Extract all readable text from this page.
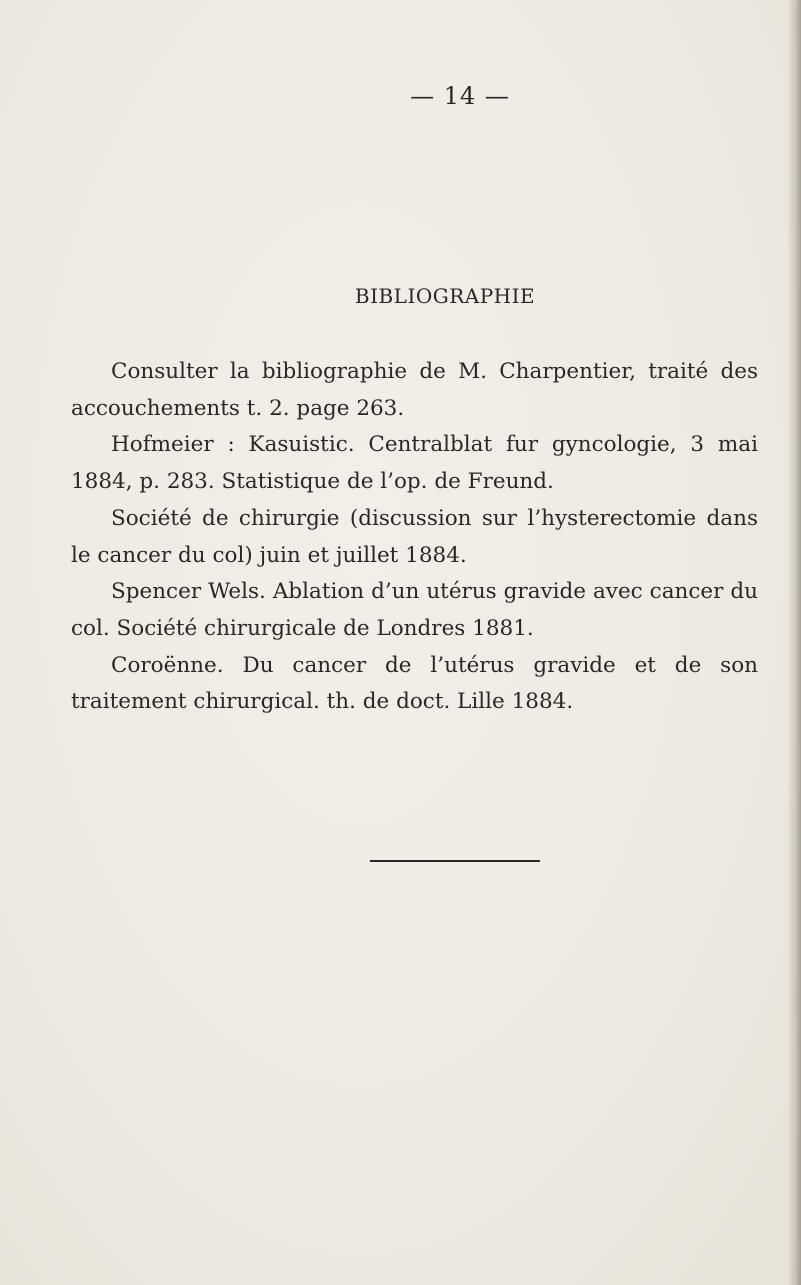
— 14 —
BIBLIOGRAPHIE
Consulter la bibliographie de M. Charpentier, traité des accouchements t. 2. page 263.
Hofmeier : Kasuistic. Centralblat fur gyncologie, 3 mai 1884, p. 283. Statistique de l’op. de Freund.
Société de chirurgie (discussion sur l’hysterectomie dans le cancer du col) juin et juillet 1884.
Spencer Wels. Ablation d’un utérus gravide avec cancer du col. Société chirurgicale de Londres 1881.
Coroënne. Du cancer de l’utérus gravide et de son traitement chirurgical. th. de doct. Lille 1884.
